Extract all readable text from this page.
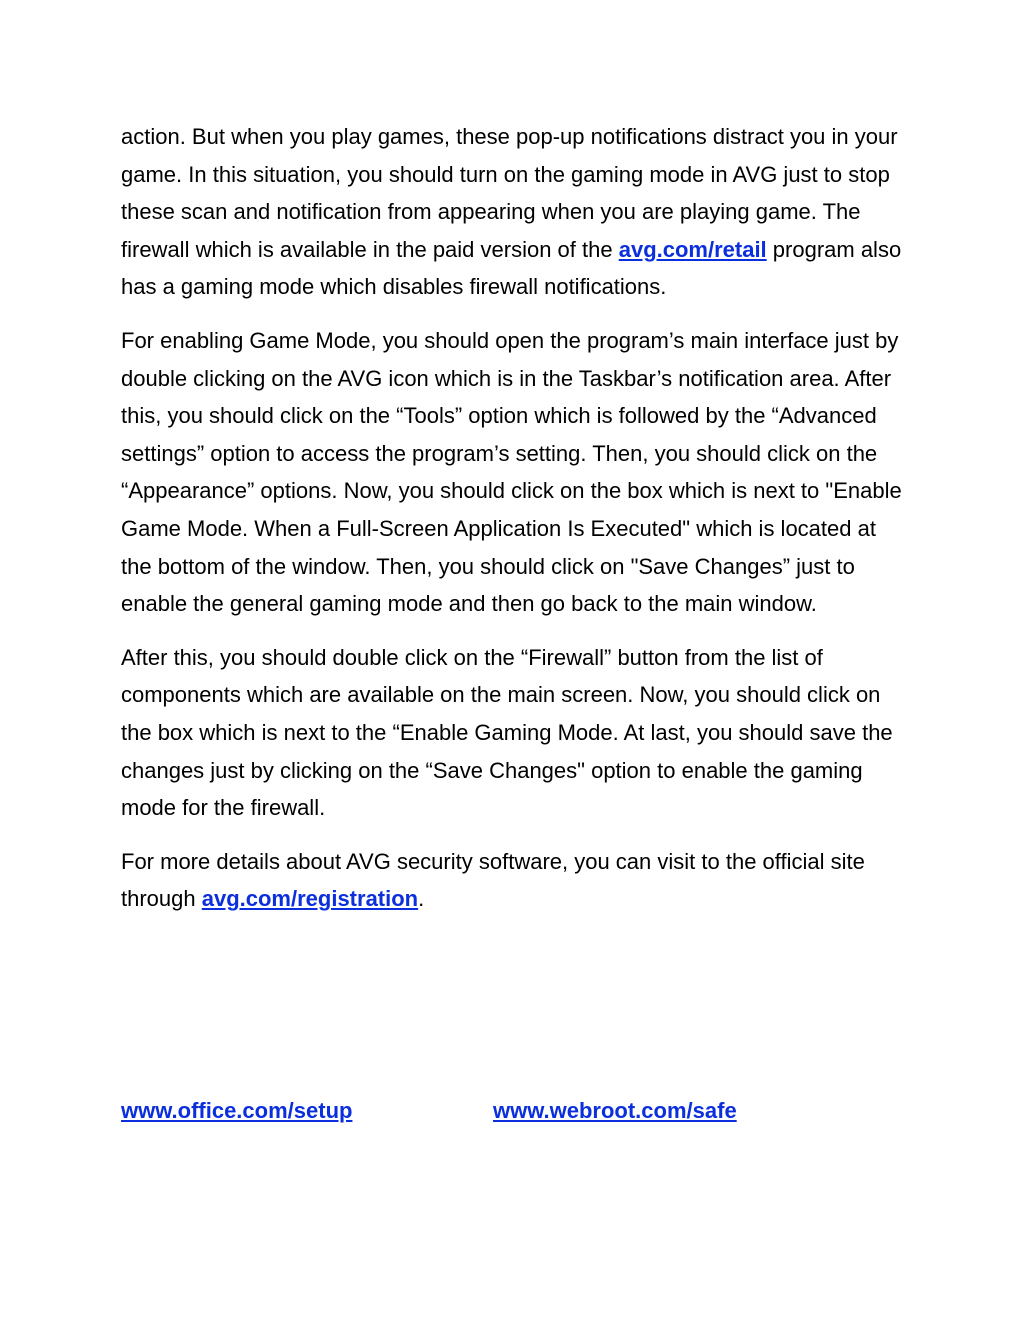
action. But when you play games, these pop-up notifications distract you in your game. In this situation, you should turn on the gaming mode in AVG just to stop these scan and notification from appearing when you are playing game. The firewall which is available in the paid version of the avg.com/retail program also has a gaming mode which disables firewall notifications.

For enabling Game Mode, you should open the program’s main interface just by double clicking on the AVG icon which is in the Taskbar’s notification area. After this, you should click on the “Tools” option which is followed by the “Advanced settings” option to access the program’s setting. Then, you should click on the “Appearance” options. Now, you should click on the box which is next to "Enable Game Mode. When a Full-Screen Application Is Executed" which is located at the bottom of the window. Then, you should click on "Save Changes” just to enable the general gaming mode and then go back to the main window.

After this, you should double click on the “Firewall” button from the list of components which are available on the main screen. Now, you should click on the box which is next to the “Enable Gaming Mode. At last, you should save the changes just by clicking on the “Save Changes" option to enable the gaming mode for the firewall.

For more details about AVG security software, you can visit to the official site through avg.com/registration.

www.office.com/setup	www.webroot.com/safe
